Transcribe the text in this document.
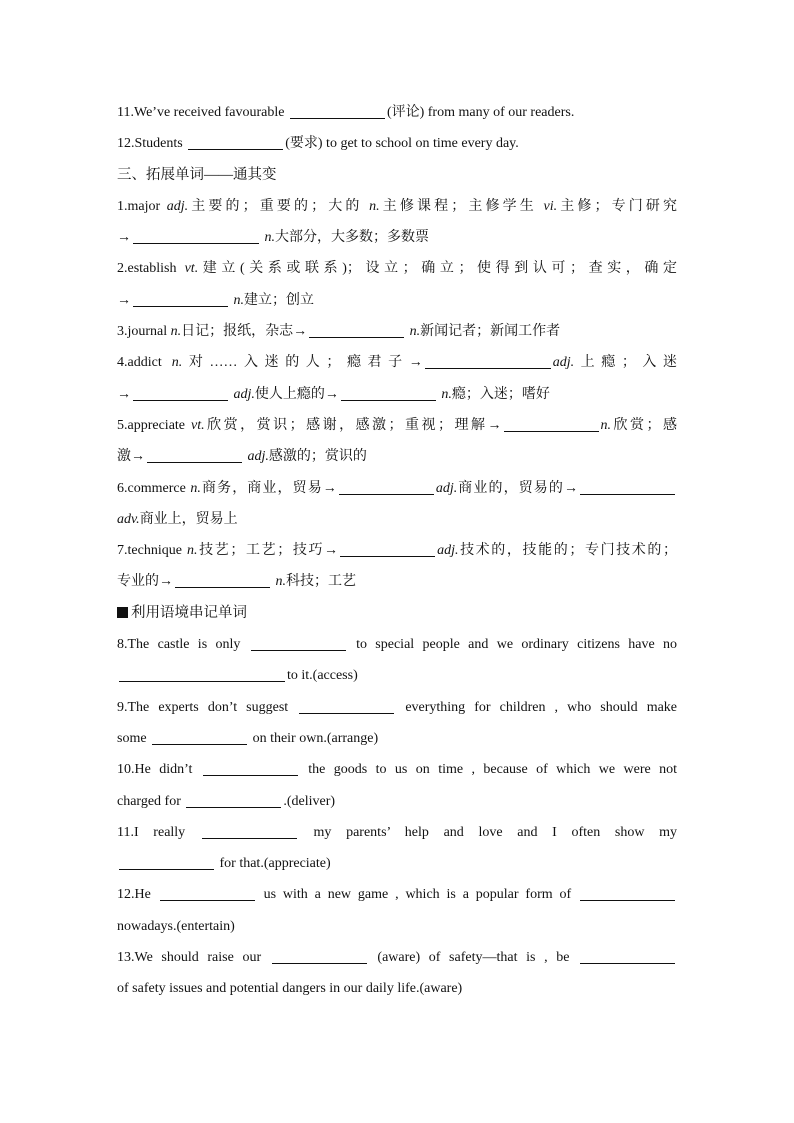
11.We’ve received favourable	(评论) from many of our readers.
12.Students	(要求) to get to school on time every day.
三、拓展单词——通其变
1.major adj.主要的；重要的；大的 n.主修课程；主修学生 vi.主修；专门研究
→	n.大部分，大多数；多数票
2.establish vt.建立(关系或联系)；设立；确立；使得到认可；查实，确定
→	n.建立；创立
3.journal n.日记；报纸，杂志→	n.新闻记者；新闻工作者
4.addict n.对……入迷的人；瘾君子→	adj.上瘾；入迷
→	adj.使人上瘾的→	n.瘾；入迷；嗜好
5.appreciate vt.欣赏，赏识；感谢，感激；重视；理解→	n.欣赏；感
激→	adj.感激的；赏识的
6.commerce n.商务，商业，贸易→	adj.商业的，贸易的→
adv.商业上，贸易上
7.technique n.技艺；工艺；技巧→	adj.技术的，技能的；专门技术的；
专业的→	n.科技；工艺
利用语境串记单词
8.The castle is only	to special people and we ordinary citizens have no
to it.(access)
9.The experts don’t suggest	everything for children , who should make
some	on their own.(arrange)
10.He didn’t	the goods to us on time , because of which we were not
charged for	.(deliver)
11.I really	my parents’ help and love and I often show my
for that.(appreciate)
12.He	us with a new game , which is a popular form of
nowadays.(entertain)
13.We should raise our	(aware) of safety—that is , be
of safety issues and potential dangers in our daily life.(aware)
